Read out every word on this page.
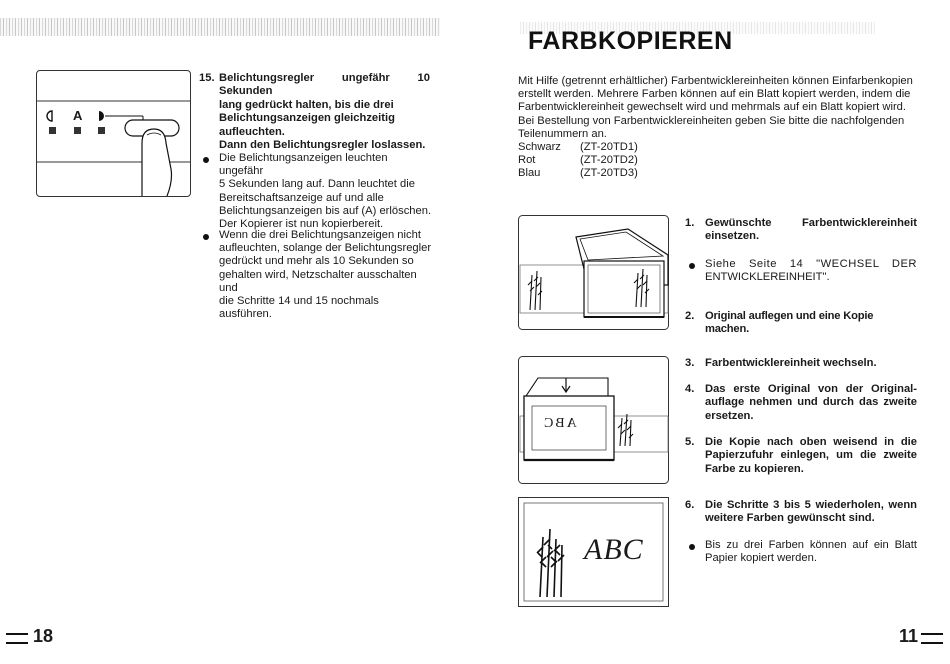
A
15. Belichtungsregler ungefähr 10 Sekunden
lang gedrückt halten, bis die drei
Belichtungsanzeigen gleichzeitig
aufleuchten.
Dann den Belichtungsregler loslassen.
Die Belichtungsanzeigen leuchten ungefähr
5 Sekunden lang auf. Dann leuchtet die
Bereitschaftsanzeige auf und alle
Belichtungsanzeigen bis auf (A) erlöschen.
Der Kopierer ist nun kopierbereit.
Wenn die drei Belichtungsanzeigen nicht
aufleuchten, solange der Belichtungsregler
gedrückt und mehr als 10 Sekunden so
gehalten wird, Netzschalter ausschalten und
die Schritte 14 und 15 nochmals ausführen.
18
FARBKOPIEREN
Mit Hilfe (getrennt erhältlicher) Farbentwicklereinheiten können Einfarbenkopien
erstellt werden. Mehrere Farben können auf ein Blatt kopiert werden, indem die
Farbentwicklereinheit gewechselt wird und mehrmals auf ein Blatt kopiert wird.
Bei Bestellung von Farbentwicklereinheiten geben Sie bitte die nachfolgenden
Teilenummern an.
Schwarz	(ZT-20TD1)
Rot	(ZT-20TD2)
Blau	(ZT-20TD3)
1. Gewünschte Farbentwicklereinheit
einsetzen.
Siehe Seite 14 "WECHSEL DER
ENTWICKLEREINHEIT".
2. Original auflegen und eine Kopie machen.
ABC
3. Farbentwicklereinheit wechseln.
4. Das erste Original von der Original-
auflage nehmen und durch das zweite
ersetzen.
5. Die Kopie nach oben weisend in die
Papierzufuhr einlegen, um die zweite
Farbe zu kopieren.
ABC
6. Die Schritte 3 bis 5 wiederholen, wenn
weitere Farben gewünscht sind.
Bis zu drei Farben können auf ein Blatt
Papier kopiert werden.
11
